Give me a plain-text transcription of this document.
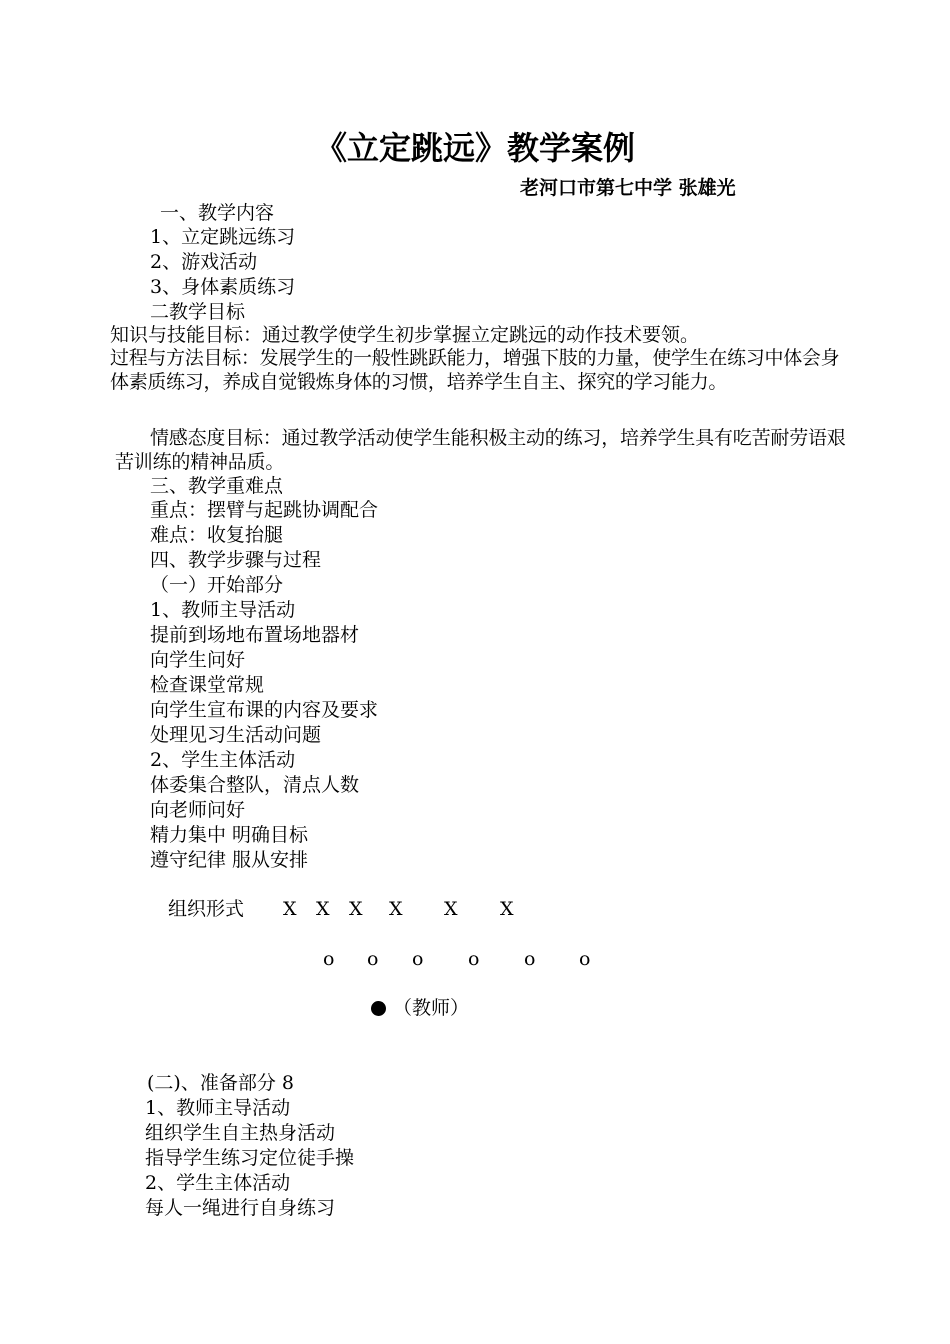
《立定跳远》教学案例
老河口市第七中学 张雄光
一、教学内容
1、立定跳远练习
2、游戏活动
3、身体素质练习
二教学目标
知识与技能目标：通过教学使学生初步掌握立定跳远的动作技术要领。
过程与方法目标：发展学生的一般性跳跃能力，增强下肢的力量，使学生在练习中体会身体素质练习，养成自觉锻炼身体的习惯，培养学生自主、探究的学习能力。
情感态度目标：通过教学活动使学生能积极主动的练习，培养学生具有吃苦耐劳语艰苦训练的精神品质。
三、教学重难点
重点：摆臂与起跳协调配合
难点：收复抬腿
四、教学步骤与过程
（一）开始部分
1、教师主导活动
提前到场地布置场地器材
向学生问好
检查课堂常规
向学生宣布课的内容及要求
处理见习生活动问题
2、学生主体活动
体委集合整队，清点人数
向老师问好
精力集中 明确目标
遵守纪律 服从安排
组织形式 X X X X X X
o o o o o o
（教师）
(二)、准备部分 8
1、教师主导活动
组织学生自主热身活动
指导学生练习定位徒手操
2、学生主体活动
每人一绳进行自身练习
